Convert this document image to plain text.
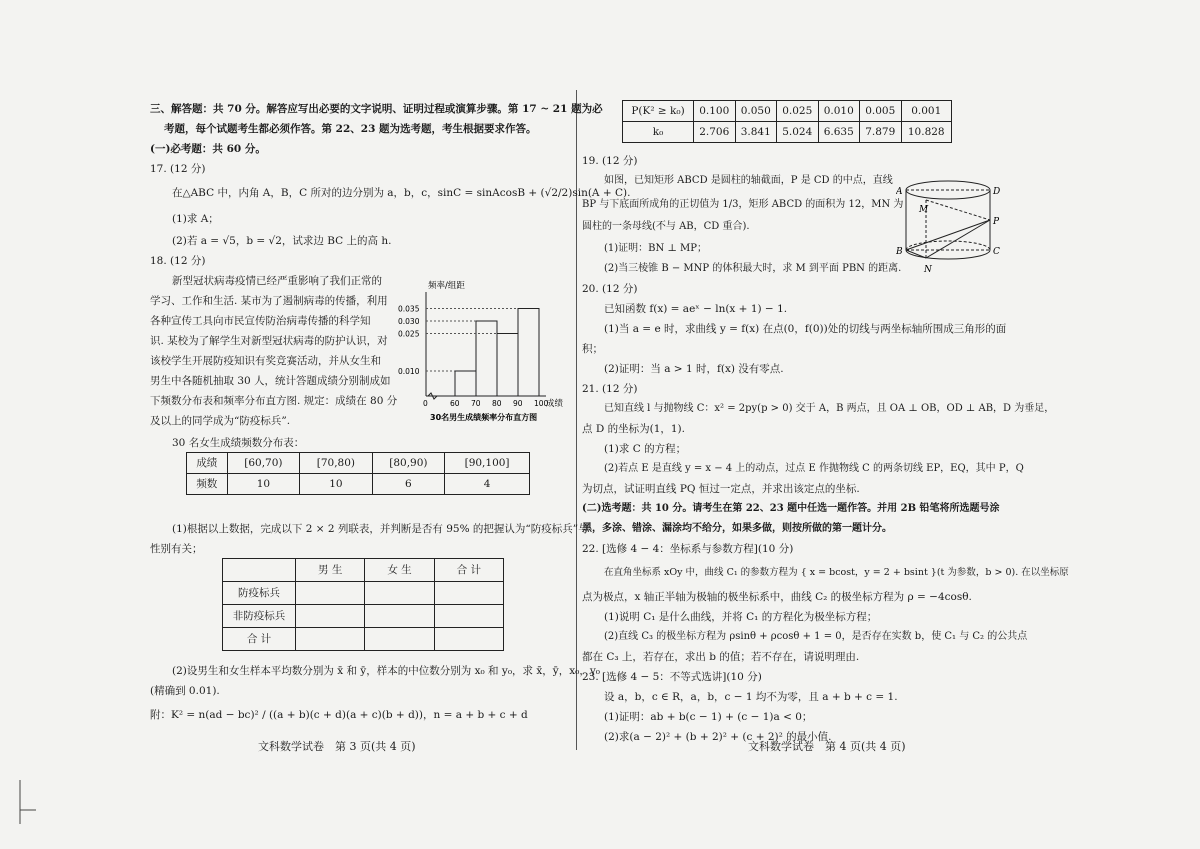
三、解答题：共 70 分。解答应写出必要的文字说明、证明过程或演算步骤。第 17 ~ 21 题为必

考题，每个试题考生都必须作答。第 22、23 题为选考题，考生根据要求作答。

(一)必考题：共 60 分。

17. (12 分)

在△ABC 中，内角 A，B，C 所对的边分别为 a，b，c，sinC = sinAcosB + (√2/2)sin(A + C).

(1)求 A；

(2)若 a = √5，b = √2，试求边 BC 上的高 h.

18. (12 分)

新型冠状病毒疫情已经严重影响了我们正常的

学习、工作和生活. 某市为了遏制病毒的传播，利用

各种宣传工具向市民宣传防治病毒传播的科学知

识. 某校为了解学生对新型冠状病毒的防护认识，对

该校学生开展防疫知识有奖竞赛活动，并从女生和

男生中各随机抽取 30 人，统计答题成绩分别制成如

下频数分布表和频率分布直方图. 规定：成绩在 80 分

及以上的同学成为“防疫标兵”.

30 名女生成绩频数分布表：

成绩	[60,70)	[70,80)	[80,90)	[90,100]
频数	10	10	6	4

(1)根据以上数据，完成以下 2 × 2 列联表，并判断是否有 95% 的把握认为“防疫标兵”与

性别有关；

	男 生	女 生	合 计
防疫标兵			
非防疫标兵			
合 计			

(2)设男生和女生样本平均数分别为 x̄ 和 ȳ，样本的中位数分别为 x₀ 和 y₀，求 x̄，ȳ，x₀，y₀

(精确到 0.01).

附：K² = n(ad − bc)² / ((a + b)(c + d)(a + c)(b + d))，n = a + b + c + d

频率/组距
成绩
30名男生成绩频率分布直方图
0.010
0.025
0.030
0.035
0	60 70 80 90 100
P(K² ≥ k₀)	0.100	0.050	0.025	0.010	0.005	0.001
k₀	2.706	3.841	5.024	6.635	7.879	10.828

19. (12 分)

如图，已知矩形 ABCD 是圆柱的轴截面，P 是 CD 的中点，直线

BP 与下底面所成角的正切值为 1/3，矩形 ABCD 的面积为 12，MN 为

圆柱的一条母线(不与 AB，CD 重合).

(1)证明：BN ⊥ MP；

(2)当三棱锥 B − MNP 的体积最大时，求 M 到平面 PBN 的距离.

20. (12 分)

已知函数 f(x) = aeˣ − ln(x + 1) − 1.

(1)当 a = e 时，求曲线 y = f(x) 在点(0，f(0))处的切线与两坐标轴所围成三角形的面

积；

(2)证明：当 a > 1 时，f(x) 没有零点.

21. (12 分)

已知直线 l 与抛物线 C：x² = 2py(p > 0) 交于 A，B 两点，且 OA ⊥ OB，OD ⊥ AB，D 为垂足，

点 D 的坐标为(1，1).

(1)求 C 的方程；

(2)若点 E 是直线 y = x − 4 上的动点，过点 E 作抛物线 C 的两条切线 EP，EQ，其中 P，Q

为切点，试证明直线 PQ 恒过一定点，并求出该定点的坐标.

(二)选考题：共 10 分。请考生在第 22、23 题中任选一题作答。并用 2B 铅笔将所选题号涂

黑，多涂、错涂、漏涂均不给分，如果多做，则按所做的第一题计分。

22. [选修 4 − 4：坐标系与参数方程](10 分)

在直角坐标系 xOy 中，曲线 C₁ 的参数方程为 { x = bcost，y = 2 + bsint }(t 为参数，b > 0). 在以坐标原

点为极点，x 轴正半轴为极轴的极坐标系中，曲线 C₂ 的极坐标方程为 ρ = −4cosθ.

(1)说明 C₁ 是什么曲线，并将 C₁ 的方程化为极坐标方程；

(2)直线 C₃ 的极坐标方程为 ρsinθ + ρcosθ + 1 = 0，是否存在实数 b，使 C₁ 与 C₂ 的公共点

都在 C₃ 上，若存在，求出 b 的值；若不存在，请说明理由.

23. [选修 4 − 5：不等式选讲](10 分)

设 a，b，c ∈ R，a，b，c − 1 均不为零，且 a + b + c = 1.

(1)证明：ab + b(c − 1) + (c − 1)a < 0；

(2)求(a − 2)² + (b + 2)² + (c + 2)² 的最小值.

A	D
M
P
B	C
N

文科数学试卷　第 3 页(共 4 页)	文科数学试卷　第 4 页(共 4 页)
